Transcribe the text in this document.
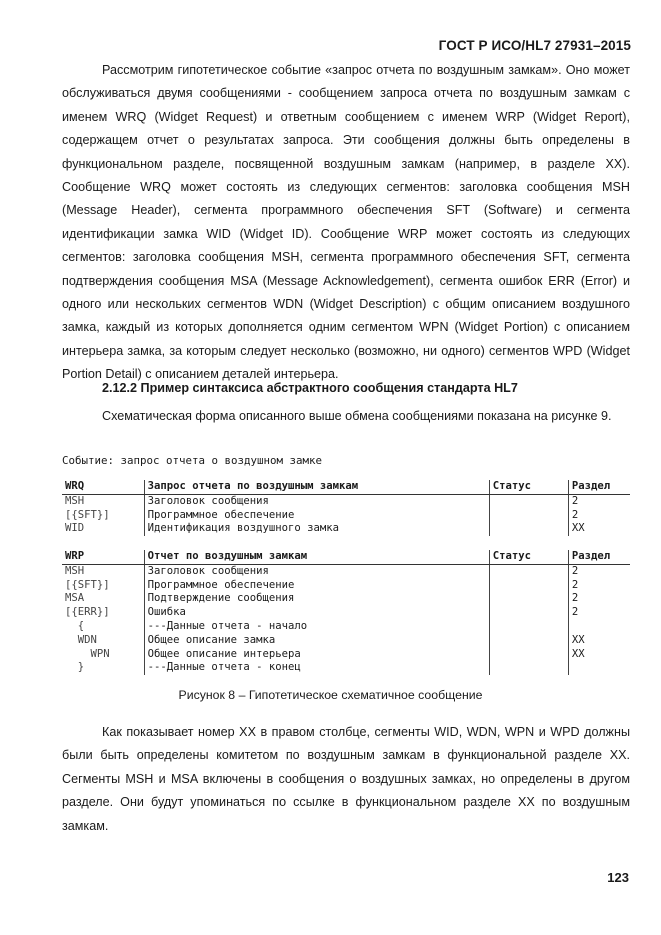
ГОСТ Р ИСО/HL7 27931–2015

Рассмотрим гипотетическое событие «запрос отчета по воздушным замкам». Оно может обслуживаться двумя сообщениями - сообщением запроса отчета по воздушным замкам с именем WRQ (Widget Request) и ответным сообщением с именем WRP (Widget Report), содержащем отчет о результатах запроса. Эти сообщения должны быть определены в функциональном разделе, посвященной воздушным замкам (например, в разделе XX). Сообщение WRQ может состоять из следующих сегментов: заголовка сообщения MSH (Message Header), сегмента программного обеспечения SFT (Software) и сегмента идентификации замка WID (Widget ID). Сообщение WRP может состоять из следующих сегментов: заголовка сообщения MSH, сегмента программного обеспечения SFT, сегмента подтверждения сообщения MSA (Message Acknowledgement), сегмента ошибок ERR (Error) и одного или нескольких сегментов WDN (Widget Description) с общим описанием воздушного замка, каждый из которых дополняется одним сегментом WPN (Widget Portion) с описанием интерьера замка, за которым следует несколько (возможно, ни одного) сегментов WPD (Widget Portion Detail) с описанием деталей интерьера.

2.12.2 Пример синтаксиса абстрактного сообщения стандарта HL7

Схематическая форма описанного выше обмена сообщениями показана на рисунке 9.

Событие: запрос отчета о воздушном замке

WRQ	Запрос отчета по воздушным замкам	Статус	Раздел
MSH	Заголовок сообщения		2
[{SFT}]	Программное обеспечение		2
WID	Идентификация воздушного замка		XX
WRP	Отчет по воздушным замкам	Статус	Раздел
MSH	Заголовок сообщения		2
[{SFT}]	Программное обеспечение		2
MSA	Подтверждение сообщения		2
[{ERR}]	Ошибка		2
{	---Данные отчета - начало		
WDN	Общее описание замка		XX
WPN	Общее описание интерьера		XX
}	---Данные отчета - конец		

Рисунок 8 – Гипотетическое схематичное сообщение

Как показывает номер XX в правом столбце, сегменты WID, WDN, WPN и WPD должны были быть определены комитетом по воздушным замкам в функциональной разделе XX. Сегменты MSH и MSA включены в сообщения о воздушных замках, но определены в другом разделе. Они будут упоминаться по ссылке в функциональном разделе XX по воздушным замкам.

123
